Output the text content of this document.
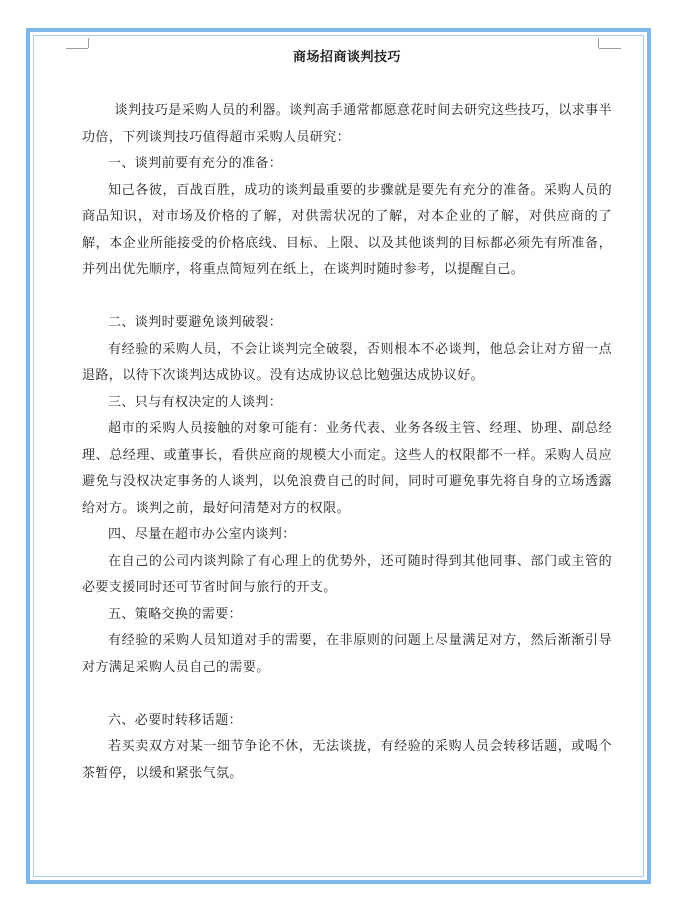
商场招商谈判技巧

谈判技巧是采购人员的利器。谈判高手通常都愿意花时间去研究这些技巧，以求事半功倍，下列谈判技巧值得超市采购人员研究：

一、谈判前要有充分的准备：

知己各彼，百战百胜，成功的谈判最重要的步骤就是要先有充分的准备。采购人员的商品知识，对市场及价格的了解，对供需状况的了解，对本企业的了解，对供应商的了解，本企业所能接受的价格底线、目标、上限、以及其他谈判的目标都必须先有所准备，并列出优先顺序，将重点简短列在纸上，在谈判时随时参考，以提醒自己。

二、谈判时要避免谈判破裂：

有经验的采购人员，不会让谈判完全破裂，否则根本不必谈判，他总会让对方留一点退路，以待下次谈判达成协议。没有达成协议总比勉强达成协议好。

三、只与有权决定的人谈判：

超市的采购人员接触的对象可能有：业务代表、业务各级主管、经理、协理、副总经理、总经理、或董事长，看供应商的规模大小而定。这些人的权限都不一样。采购人员应避免与没权决定事务的人谈判，以免浪费自己的时间，同时可避免事先将自身的立场透露给对方。谈判之前，最好问清楚对方的权限。

四、尽量在超市办公室内谈判：

在自己的公司内谈判除了有心理上的优势外，还可随时得到其他同事、部门或主管的必要支援同时还可节省时间与旅行的开支。

五、策略交换的需要：

有经验的采购人员知道对手的需要，在非原则的问题上尽量满足对方，然后渐渐引导对方满足采购人员自己的需要。

六、必要时转移话题：

若买卖双方对某一细节争论不休，无法谈拢，有经验的采购人员会转移话题，或喝个茶暂停，以缓和紧张气氛。
